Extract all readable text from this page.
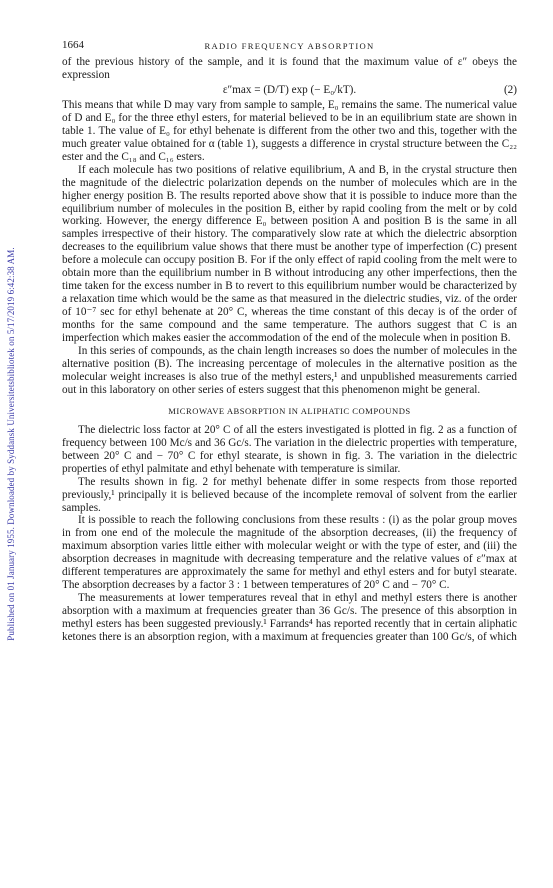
Published on 01 January 1955. Downloaded by Syddansk Universitetsbibliotek on 5/17/2019 6:42:38 AM.
1664	RADIO FREQUENCY ABSORPTION

of the previous history of the sample, and it is found that the maximum value of ε″ obeys the expression

ε″max = (D/T) exp (− E₀/kT).	(2)

This means that while D may vary from sample to sample, E₀ remains the same. The numerical value of D and E₀ for the three ethyl esters, for material believed to be in an equilibrium state are shown in table 1. The value of E₀ for ethyl behenate is different from the other two and this, together with the much greater value obtained for α (table 1), suggests a difference in crystal structure between the C₂₂ ester and the C₁₈ and C₁₆ esters.

If each molecule has two positions of relative equilibrium, A and B, in the crystal structure then the magnitude of the dielectric polarization depends on the number of molecules which are in the higher energy position B. The results reported above show that it is possible to induce more than the equilibrium number of molecules in the position B, either by rapid cooling from the melt or by cold working. However, the energy difference E₀ between position A and position B is the same in all samples irrespective of their history. The comparatively slow rate at which the dielectric absorption decreases to the equilibrium value shows that there must be another type of imperfection (C) present before a molecule can occupy position B. For if the only effect of rapid cooling from the melt were to obtain more than the equilibrium number in B without introducing any other imperfections, then the time taken for the excess number in B to revert to this equilibrium number would be characterized by a relaxation time which would be the same as that measured in the dielectric studies, viz. of the order of 10⁻⁷ sec for ethyl behenate at 20° C, whereas the time constant of this decay is of the order of months for the same compound and the same temperature. The authors suggest that C is an imperfection which makes easier the accommodation of the end of the molecule when in position B.

In this series of compounds, as the chain length increases so does the number of molecules in the alternative position (B). The increasing percentage of molecules in the alternative position as the molecular weight increases is also true of the methyl esters,¹ and unpublished measurements carried out in this laboratory on other series of esters suggest that this phenomenon might be general.

MICROWAVE ABSORPTION IN ALIPHATIC COMPOUNDS

The dielectric loss factor at 20° C of all the esters investigated is plotted in fig. 2 as a function of frequency between 100 Mc/s and 36 Gc/s. The variation in the dielectric properties with temperature, between 20° C and − 70° C for ethyl stearate, is shown in fig. 3. The variation in the dielectric properties of ethyl palmitate and ethyl behenate with temperature is similar.

The results shown in fig. 2 for methyl behenate differ in some respects from those reported previously,¹ principally it is believed because of the incomplete removal of solvent from the earlier samples.

It is possible to reach the following conclusions from these results : (i) as the polar group moves in from one end of the molecule the magnitude of the absorption decreases, (ii) the frequency of maximum absorption varies little either with molecular weight or with the type of ester, and (iii) the absorption decreases in magnitude with decreasing temperature and the relative values of ε″max at different temperatures are approximately the same for methyl and ethyl esters and for butyl stearate. The absorption decreases by a factor 3 : 1 between temperatures of 20° C and − 70° C.

The measurements at lower temperatures reveal that in ethyl and methyl esters there is another absorption with a maximum at frequencies greater than 36 Gc/s. The presence of this absorption in methyl esters has been suggested previously.¹ Farrands⁴ has reported recently that in certain aliphatic ketones there is an absorption region, with a maximum at frequencies greater than 100 Gc/s, of which
